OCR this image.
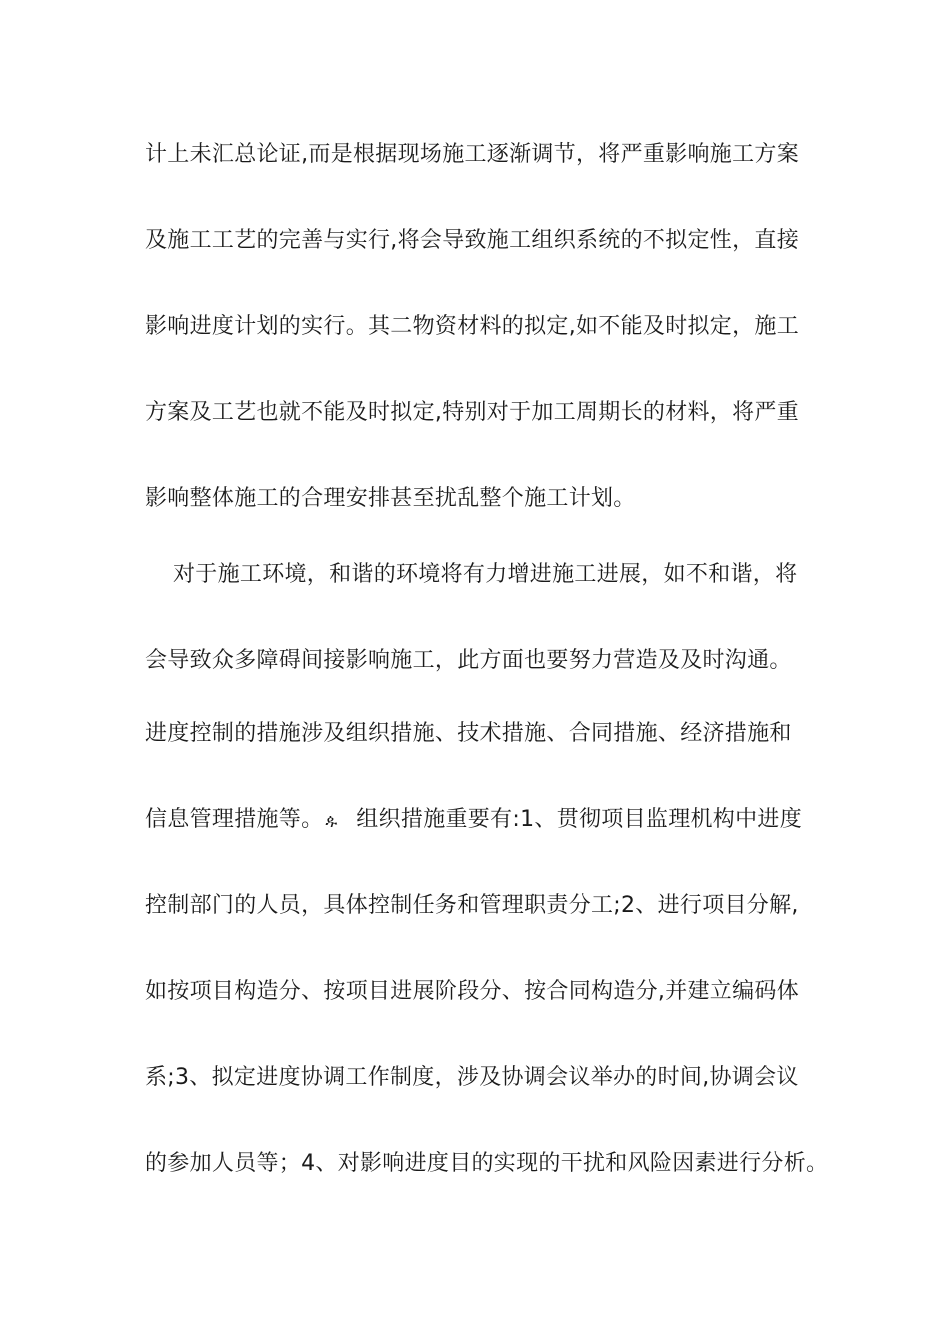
计上未汇总论证,而是根据现场施工逐渐调节，将严重影响施工方案
及施工工艺的完善与实行,将会导致施工组织系统的不拟定性，直接
影响进度计划的实行。其二物资材料的拟定,如不能及时拟定，施工
方案及工艺也就不能及时拟定,特别对于加工周期长的材料，将严重
影响整体施工的合理安排甚至扰乱整个施工计划。
对于施工环境，和谐的环境将有力增进施工进展，如不和谐，将
会导致众多障碍间接影响施工，此方面也要努力营造及及时沟通。
进度控制的措施涉及组织措施、技术措施、合同措施、经济措施和
信息管理措施等。 ዹ 组织措施重要有:1、贯彻项目监理机构中进度
控制部门的人员，具体控制任务和管理职责分工;2、进行项目分解,
如按项目构造分、按项目进展阶段分、按合同构造分,并建立编码体
系;3、拟定进度协调工作制度，涉及协调会议举办的时间,协调会议
的参加人员等；4、对影响进度目的实现的干扰和风险因素进行分析。
